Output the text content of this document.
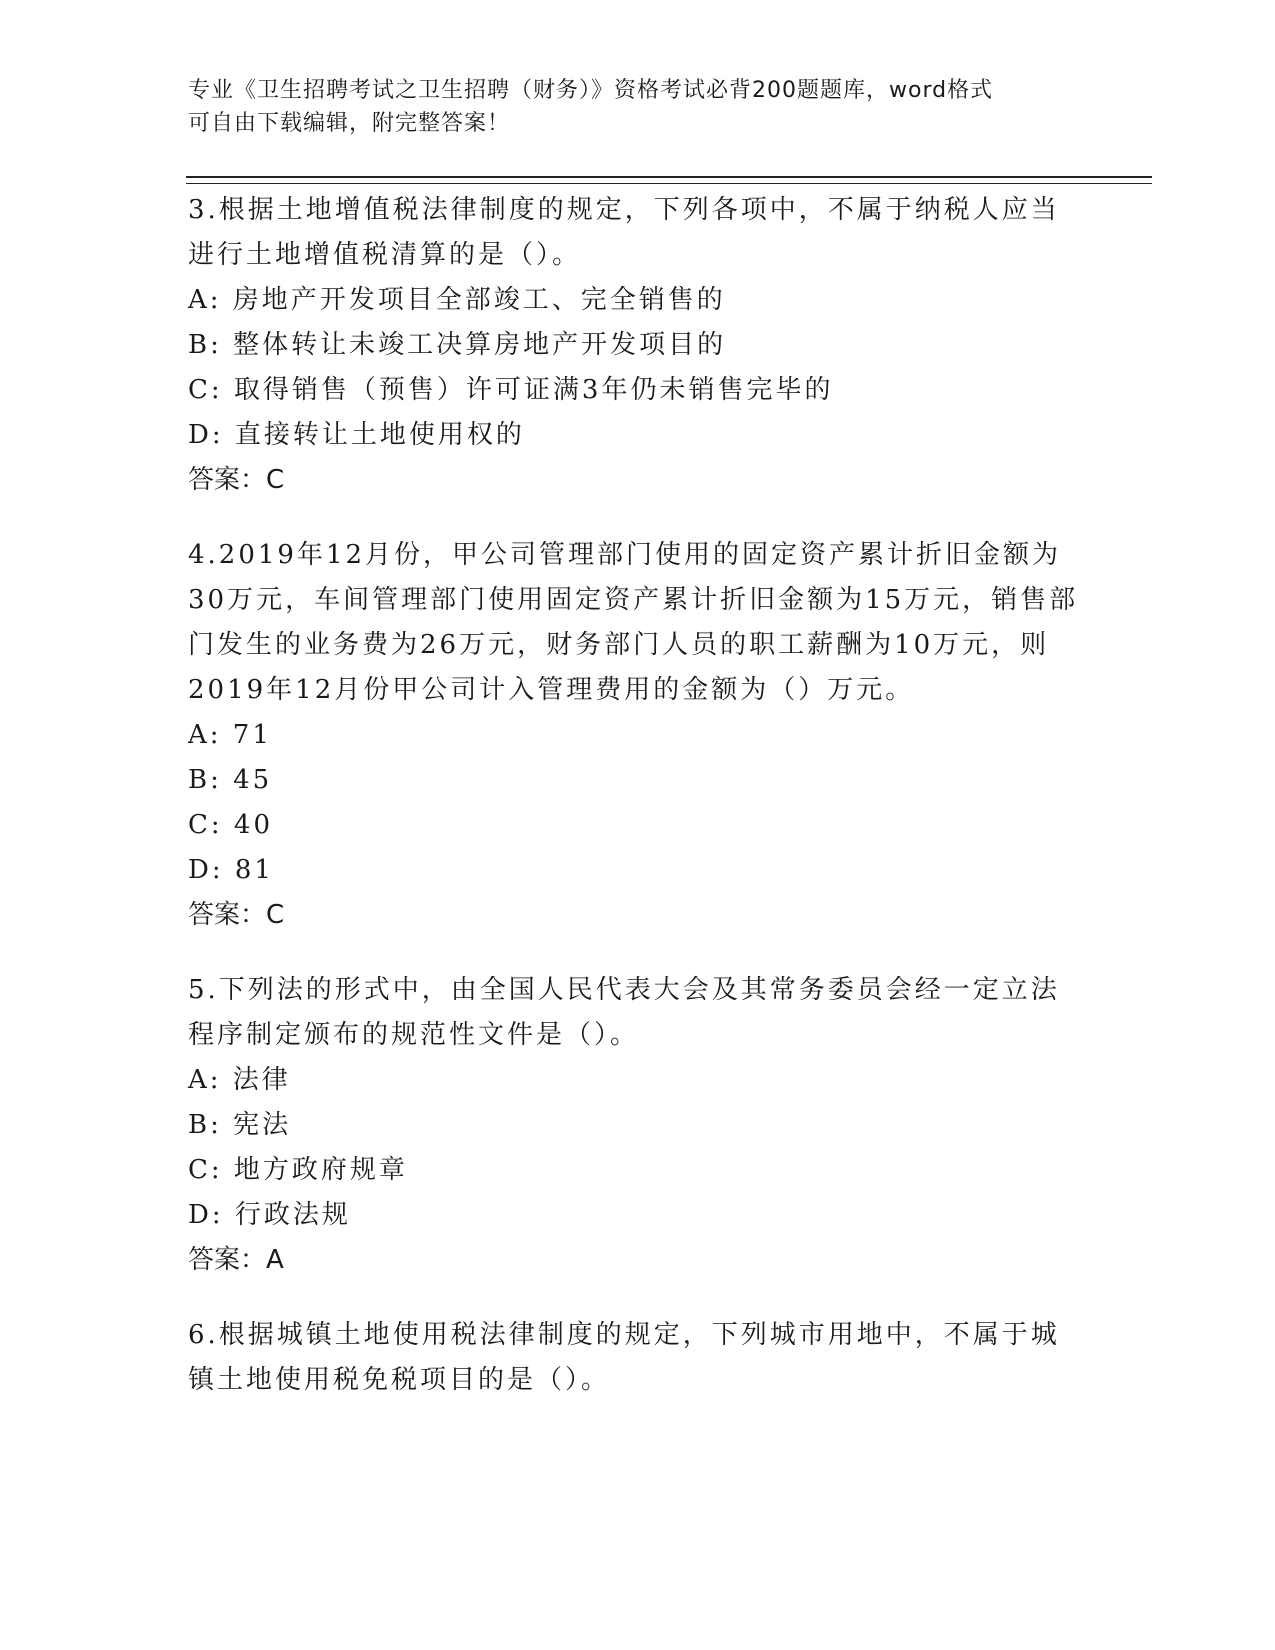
专业《卫生招聘考试之卫生招聘（财务）》资格考试必背200题题库，word格式
可自由下载编辑，附完整答案！
3.根据土地增值税法律制度的规定，下列各项中，不属于纳税人应当
进行土地增值税清算的是（）。
A: 房地产开发项目全部竣工、完全销售的
B: 整体转让未竣工决算房地产开发项目的
C: 取得销售（预售）许可证满3年仍未销售完毕的
D: 直接转让土地使用权的
答案：C
4.2019年12月份，甲公司管理部门使用的固定资产累计折旧金额为
30万元，车间管理部门使用固定资产累计折旧金额为15万元，销售部
门发生的业务费为26万元，财务部门人员的职工薪酬为10万元，则
2019年12月份甲公司计入管理费用的金额为（）万元。
A: 71
B: 45
C: 40
D: 81
答案：C
5.下列法的形式中，由全国人民代表大会及其常务委员会经一定立法
程序制定颁布的规范性文件是（）。
A: 法律
B: 宪法
C: 地方政府规章
D: 行政法规
答案：A
6.根据城镇土地使用税法律制度的规定，下列城市用地中，不属于城
镇土地使用税免税项目的是（）。
